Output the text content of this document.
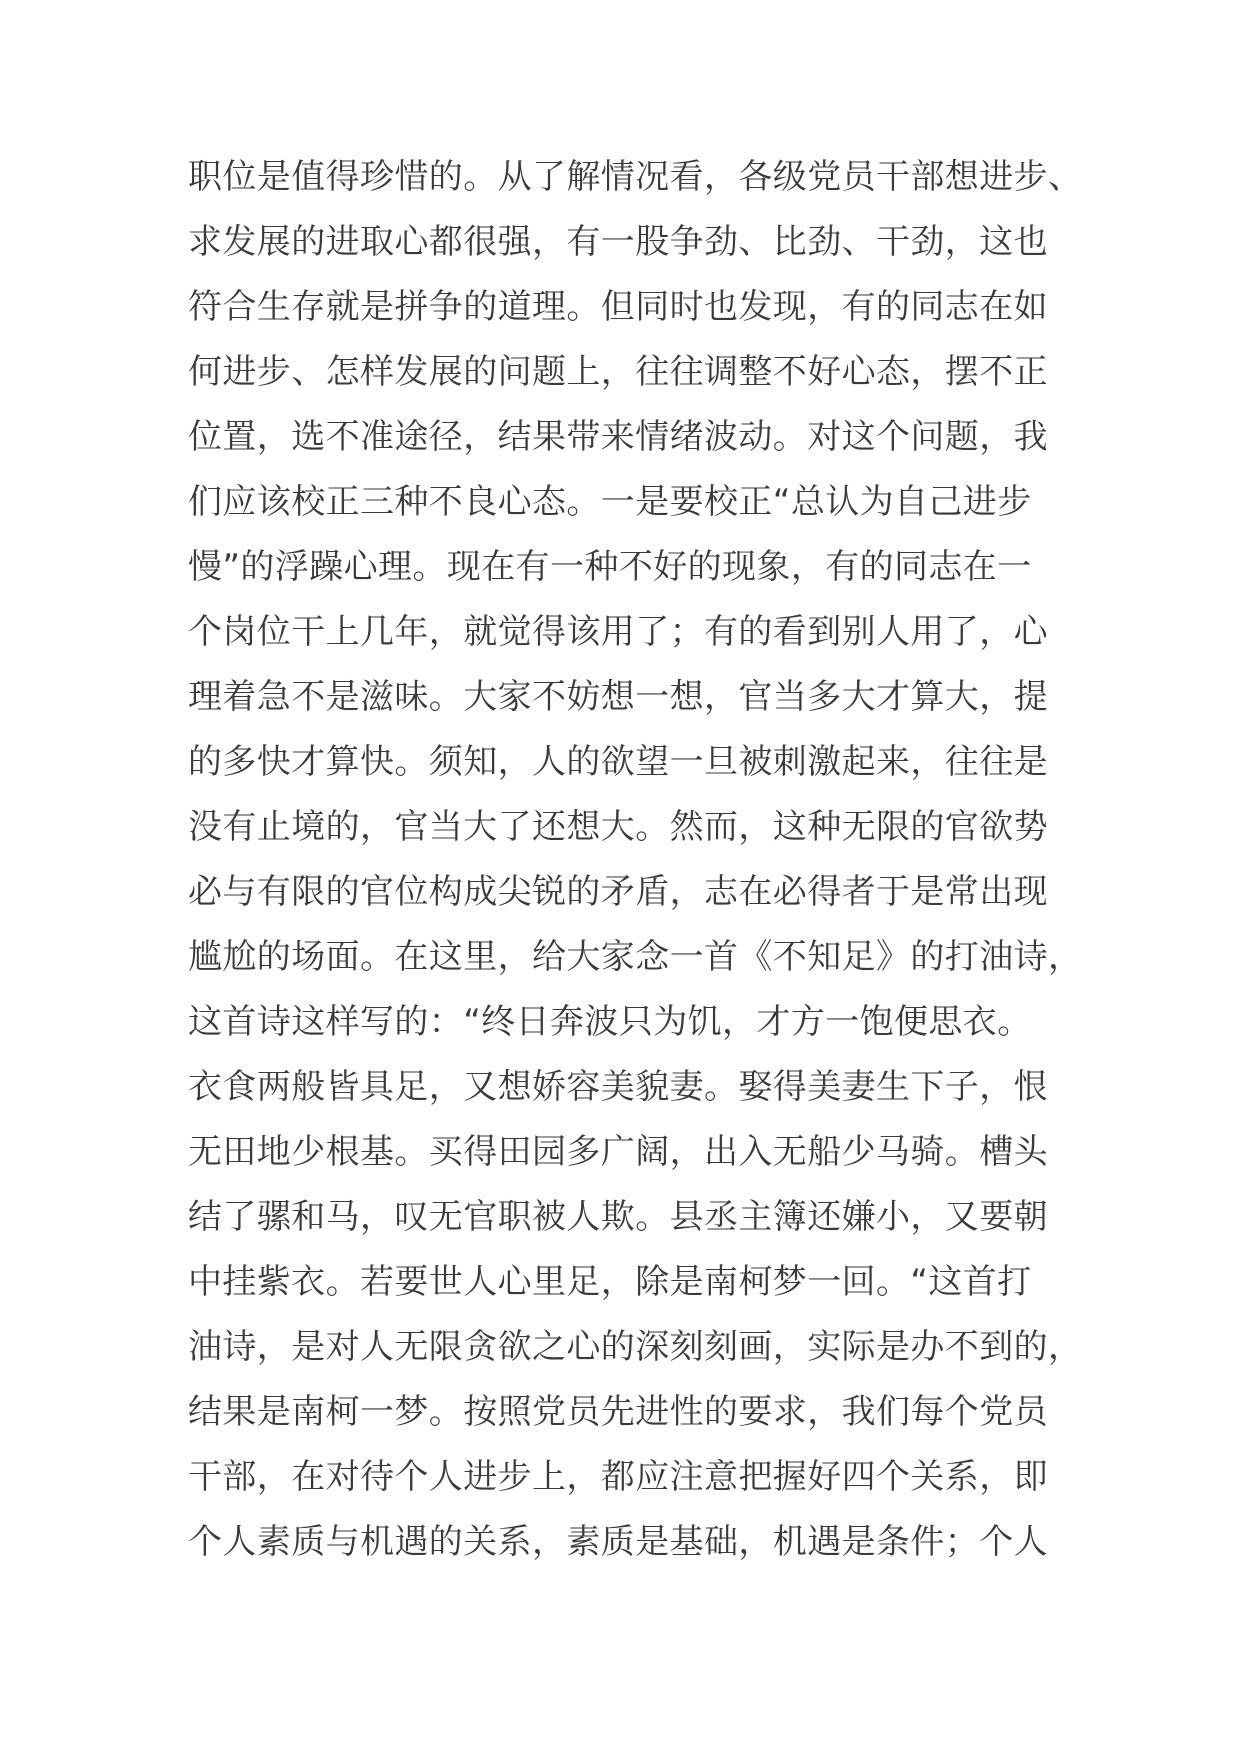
职位是值得珍惜的。从了解情况看，各级党员干部想进步、
求发展的进取心都很强，有一股争劲、比劲、干劲，这也
符合生存就是拼争的道理。但同时也发现，有的同志在如
何进步、怎样发展的问题上，往往调整不好心态，摆不正
位置，选不准途径，结果带来情绪波动。对这个问题，我
们应该校正三种不良心态。一是要校正“总认为自己进步
慢”的浮躁心理。现在有一种不好的现象，有的同志在一
个岗位干上几年，就觉得该用了；有的看到别人用了，心
理着急不是滋味。大家不妨想一想，官当多大才算大，提
的多快才算快。须知，人的欲望一旦被刺激起来，往往是
没有止境的，官当大了还想大。然而，这种无限的官欲势
必与有限的官位构成尖锐的矛盾，志在必得者于是常出现
尴尬的场面。在这里，给大家念一首《不知足》的打油诗，
这首诗这样写的：“终日奔波只为饥，才方一饱便思衣。
衣食两般皆具足，又想娇容美貌妻。娶得美妻生下子，恨
无田地少根基。买得田园多广阔，出入无船少马骑。槽头
结了骡和马，叹无官职被人欺。县丞主簿还嫌小，又要朝
中挂紫衣。若要世人心里足，除是南柯梦一回。“这首打
油诗，是对人无限贪欲之心的深刻刻画，实际是办不到的，
结果是南柯一梦。按照党员先进性的要求，我们每个党员
干部，在对待个人进步上，都应注意把握好四个关系，即
个人素质与机遇的关系，素质是基础，机遇是条件；个人
